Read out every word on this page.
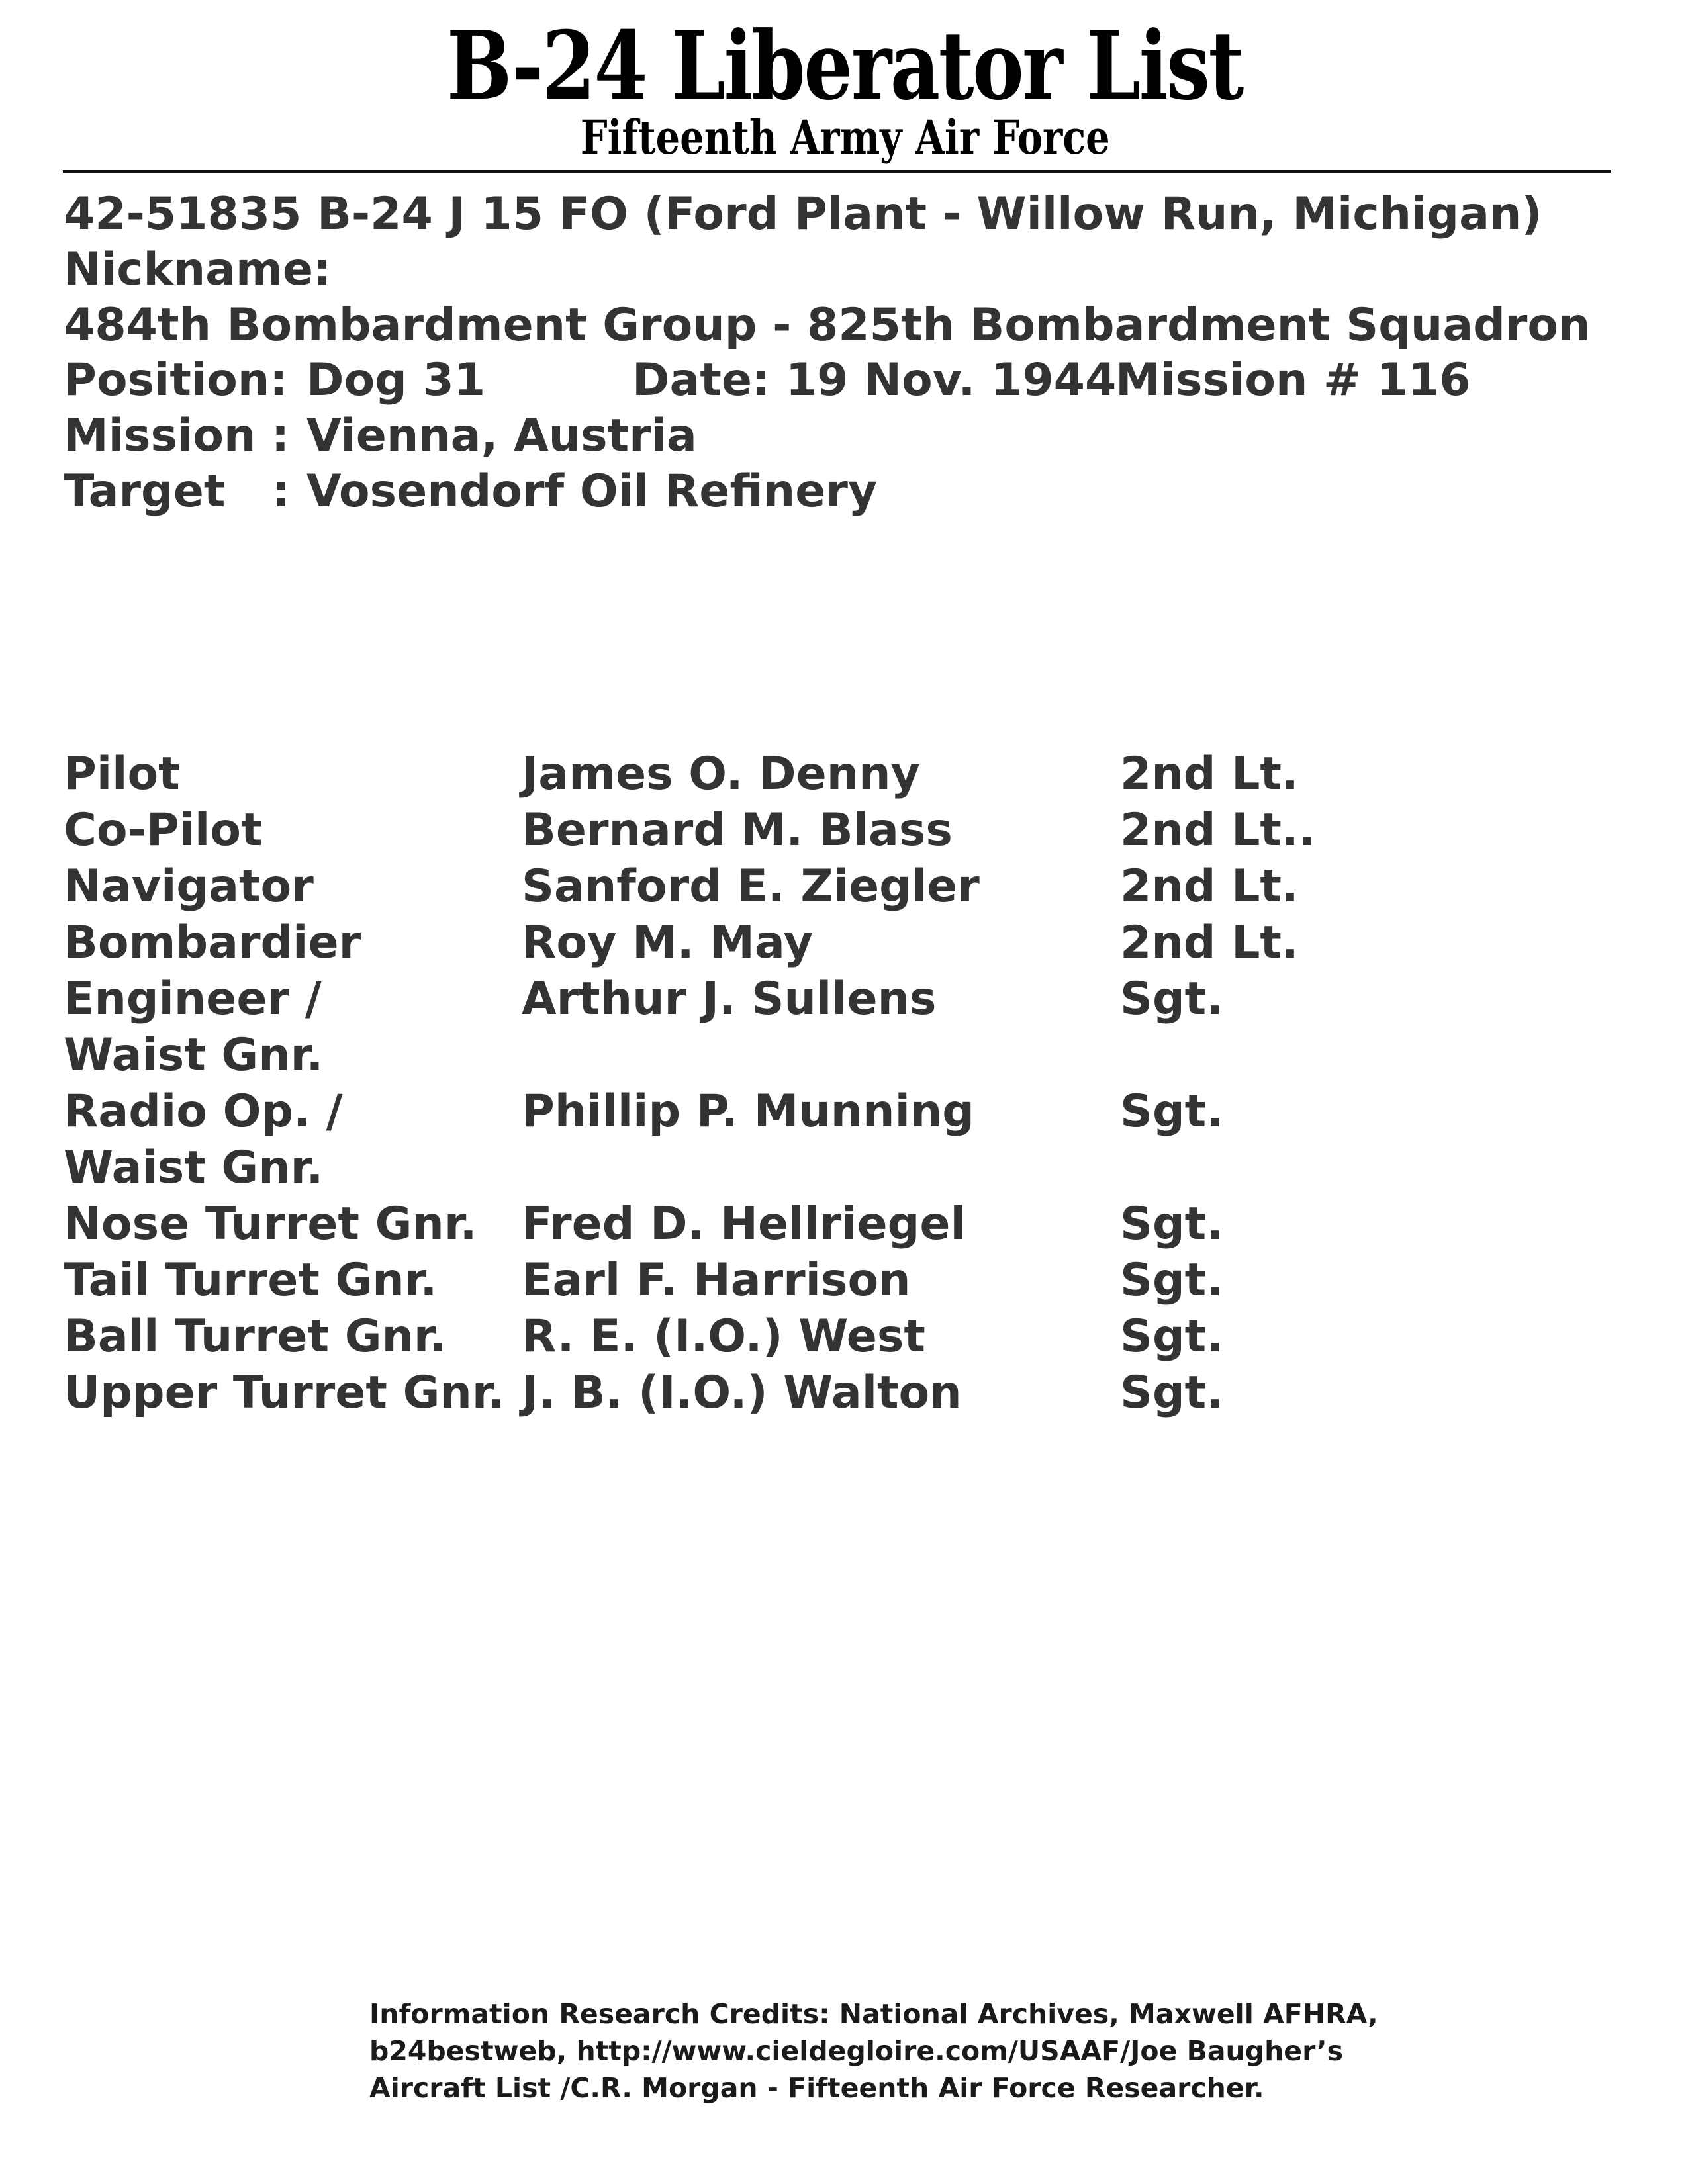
B-24 Liberator List
Fifteenth Army Air Force
42-51835 B-24 J 15 FO (Ford Plant - Willow Run, Michigan)
Nickname:
484th Bombardment Group - 825th Bombardment Squadron
Position: Dog 31	Date: 19 Nov. 1944
Mission # 116
Mission : Vienna, Austria
Target   : Vosendorf Oil Refinery
Pilot	James O. Denny	2nd Lt.
Co-Pilot	Bernard M. Blass	2nd Lt..
Navigator	Sanford E. Ziegler	2nd Lt.
Bombardier	Roy M. May	2nd Lt.
Engineer /
Waist Gnr.
Arthur J. Sullens	Sgt.
Radio Op. /
Waist Gnr.
Phillip P. Munning	Sgt.
Nose Turret Gnr. Fred D. Hellriegel	Sgt.
Tail Turret Gnr. Earl F. Harrison	Sgt.
Ball Turret Gnr. R. E. (I.O.) West	Sgt.
Upper Turret Gnr. J. B. (I.O.) Walton	Sgt.
Information Research Credits: National Archives, Maxwell AFHRA,
b24bestweb, http://www.cieldegloire.com/USAAF/Joe Baugher’s
Aircraft List /C.R. Morgan - Fifteenth Air Force Researcher.
